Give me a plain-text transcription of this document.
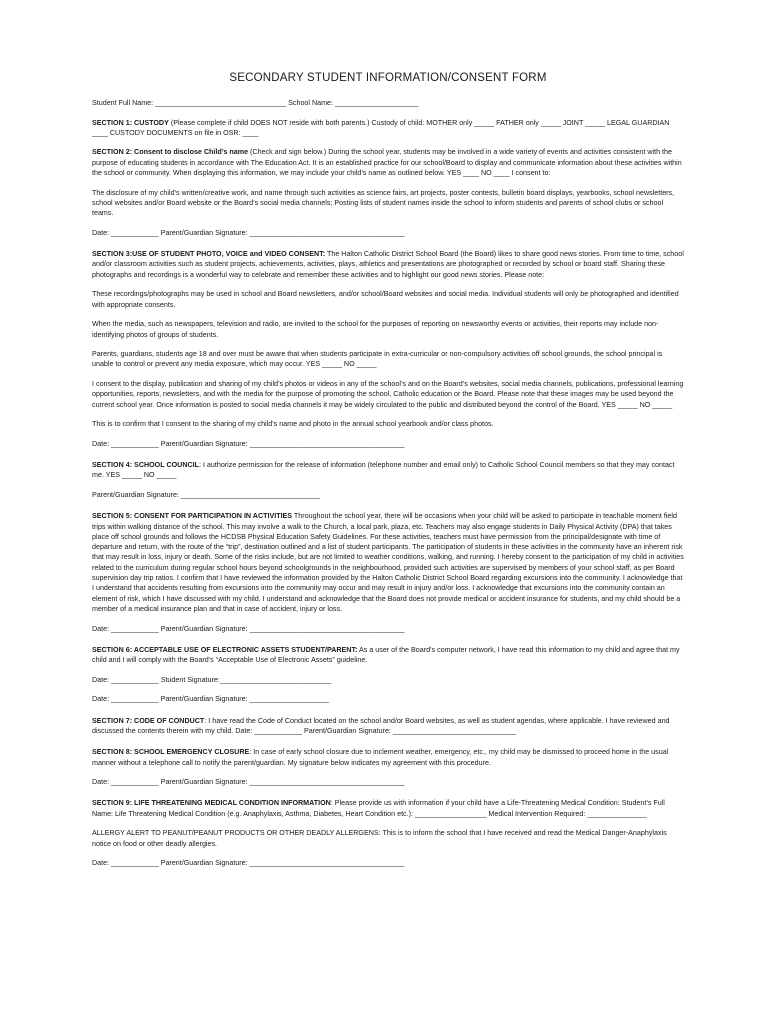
SECONDARY STUDENT INFORMATION/CONSENT FORM
Student Full Name: _________________________________ School Name: _____________________
SECTION 1: CUSTODY (Please complete if child DOES NOT reside with both parents.) Custody of child: MOTHER only _____ FATHER only _____ JOINT _____ LEGAL GUARDIAN ____ CUSTODY DOCUMENTS on file in OSR: ____
SECTION 2: Consent to disclose Child’s name (Check and sign below.) During the school year, students may be involved in a wide variety of events and activities consistent with the purpose of educating students in accordance with The Education Act. It is an established practice for our school/Board to display and communicate information about these activities within the school or community. When displaying this information, we may include your child’s name as outlined below. YES ____ NO ____ I consent to:
The disclosure of my child’s written/creative work, and name through such activities as science fairs, art projects, poster contests, bulletin board displays, yearbooks, school newsletters, school websites and/or Board website or the Board’s social media channels; Posting lists of student names inside the school to inform students and parents of school clubs or school teams.
Date: ____________ Parent/Guardian Signature: _______________________________________
SECTION 3:USE OF STUDENT PHOTO, VOICE and VIDEO CONSENT: The Halton Catholic District School Board (the Board) likes to share good news stories. From time to time, school and/or classroom activities such as student projects, achievements, activities, plays, athletics and presentations are photographed or recorded by school or board staff. Sharing these photographs and recordings is a wonderful way to celebrate and remember these activities and to highlight our good news stories. Please note:
These recordings/photographs may be used in school and Board newsletters, and/or school/Board websites and social media. Individual students will only be photographed and identified with appropriate consents.
When the media, such as newspapers, television and radio, are invited to the school for the purposes of reporting on newsworthy events or activities, their reports may include non-identifying photos of groups of students.
Parents, guardians, students age 18 and over must be aware that when students participate in extra-curricular or non-compulsory activities off school grounds, the school principal is unable to control or prevent any media exposure, which may occur. YES _____ NO _____
I consent to the display, publication and sharing of my child’s photos or videos in any of the school’s and on the Board’s websites, social media channels, publications, professional learning opportunities, reports, newsletters, and with the media for the purpose of promoting the school, Catholic education or the Board. Please note that these images may be used beyond the current school year. Once information is posted to social media channels it may be widely circulated to the public and distributed beyond the control of the Board. YES _____ NO _____
This is to confirm that I consent to the sharing of my child’s name and photo in the annual school yearbook and/or class photos.
Date: ____________ Parent/Guardian Signature: _______________________________________
SECTION 4: SCHOOL COUNCIL: I authorize permission for the release of information (telephone number and email only) to Catholic School Council members so that they may contact me. YES _____ NO _____
Parent/Guardian Signature: ___________________________________
SECTION 5: CONSENT FOR PARTICIPATION IN ACTIVITIES Throughout the school year, there will be occasions when your child will be asked to participate in teachable moment field trips within walking distance of the school. This may involve a walk to the Church, a local park, plaza, etc. Teachers may also engage students in Daily Physical Activity (DPA) that takes place off school grounds and follows the HCDSB Physical Education Safety Guidelines. For these activities, teachers must have permission from the principal/designate with time of departure and return, with the route of the “trip”, destination outlined and a list of student participants. The participation of students in these activities in the community have an inherent risk that may result in loss, injury or death. Some of the risks include, but are not limited to weather conditions, walking, and running. I hereby consent to the participation of my child in activities related to the curriculum during regular school hours beyond schoolgrounds in the neighbourhood, provided such activities are supervised by members of your school staff, as per Board supervision day trip ratios. I confirm that I have reviewed the information provided by the Halton Catholic District School Board regarding excursions into the community. I acknowledge that I understand that accidents resulting from excursions into the community may occur and may result in injury and/or loss. I acknowledge that excursions into the community contain an element of risk, which I have discussed with my child. I understand and acknowledge that the Board does not provide medical or accident insurance for students, and my child should be a member of a medical insurance plan and that in case of accident, injury or loss.
Date: ____________ Parent/Guardian Signature: _______________________________________
SECTION 6: ACCEPTABLE USE OF ELECTRONIC ASSETS STUDENT/PARENT: As a user of the Board’s computer network, I have read this information to my child and agree that my child and I will comply with the Board’s “Acceptable Use of Electronic Assets” guideline.
Date: ____________ Student Signature:____________________________
Date: ____________ Parent/Guardian Signature: ____________________
SECTION 7: CODE OF CONDUCT: I have read the Code of Conduct located on the school and/or Board websites, as well as student agendas, where applicable. I have reviewed and discussed the contents therein with my child. Date: ____________ Parent/Guardian Signature: _______________________________
SECTION 8: SCHOOL EMERGENCY CLOSURE: In case of early school closure due to inclement weather, emergency, etc., my child may be dismissed to proceed home in the usual manner without a telephone call to notify the parent/guardian. My signature below indicates my agreement with this procedure.
Date: ____________ Parent/Guardian Signature: _______________________________________
SECTION 9: LIFE THREATENING MEDICAL CONDITION INFORMATION: Please provide us with information if your child have a Life-Threatening Medical Condition: Student’s Full Name: Life Threatening Medical Condition (e.g. Anaphylaxis, Asthma, Diabetes, Heart Condition etc.): __________________ Medical Intervention Required: _______________
ALLERGY ALERT TO PEANUT/PEANUT PRODUCTS OR OTHER DEADLY ALLERGENS: This is to inform the school that I have received and read the Medical Danger-Anaphylaxis notice on food or other deadly allergies.
Date: ____________ Parent/Guardian Signature: _______________________________________
